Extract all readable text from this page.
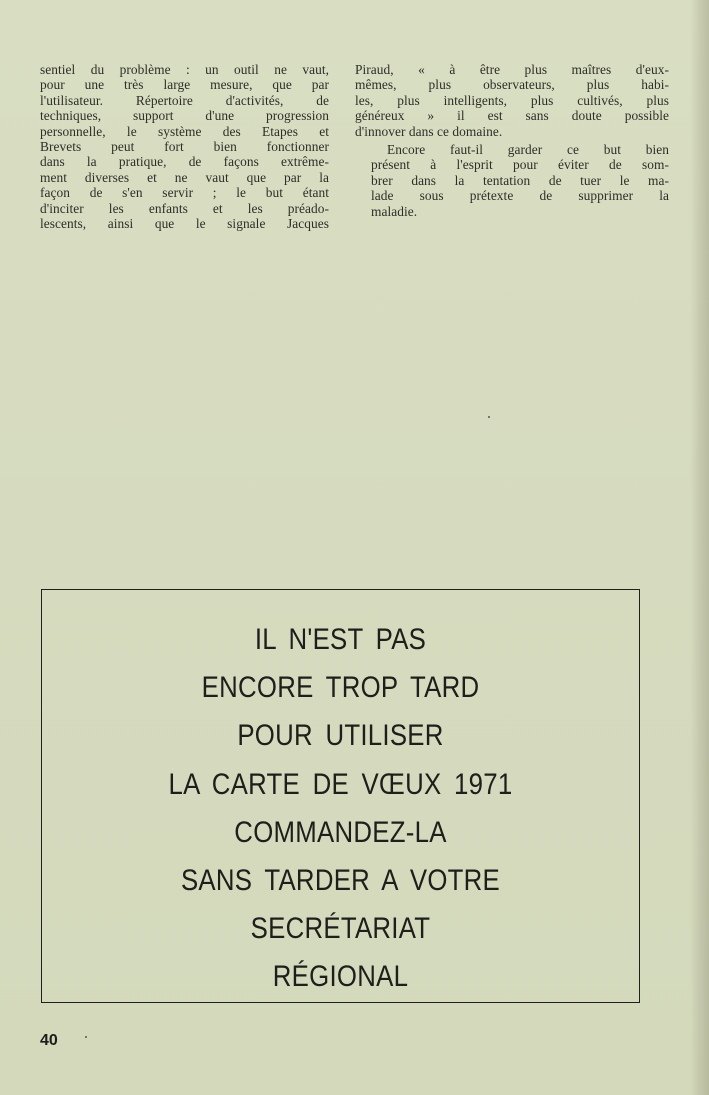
sentiel du problème : un outil ne vaut,
pour une très large mesure, que par
l'utilisateur. Répertoire d'activités, de
techniques, support d'une progression
personnelle, le système des Etapes et
Brevets peut fort bien fonctionner
dans la pratique, de façons extrême-
ment diverses et ne vaut que par la
façon de s'en servir ; le but étant
d'inciter les enfants et les préado-
lescents, ainsi que le signale Jacques

Piraud, « à être plus maîtres d'eux-
mêmes, plus observateurs, plus habi-
les, plus intelligents, plus cultivés, plus
généreux » il est sans doute possible
d'innover dans ce domaine.

Encore faut-il garder ce but bien
présent à l'esprit pour éviter de som-
brer dans la tentation de tuer le ma-
lade sous prétexte de supprimer la
maladie.

IL N'EST PAS
ENCORE TROP TARD
POUR UTILISER
LA CARTE DE VŒUX 1971
COMMANDEZ-LA
SANS TARDER A VOTRE
SECRÉTARIAT
RÉGIONAL
40
